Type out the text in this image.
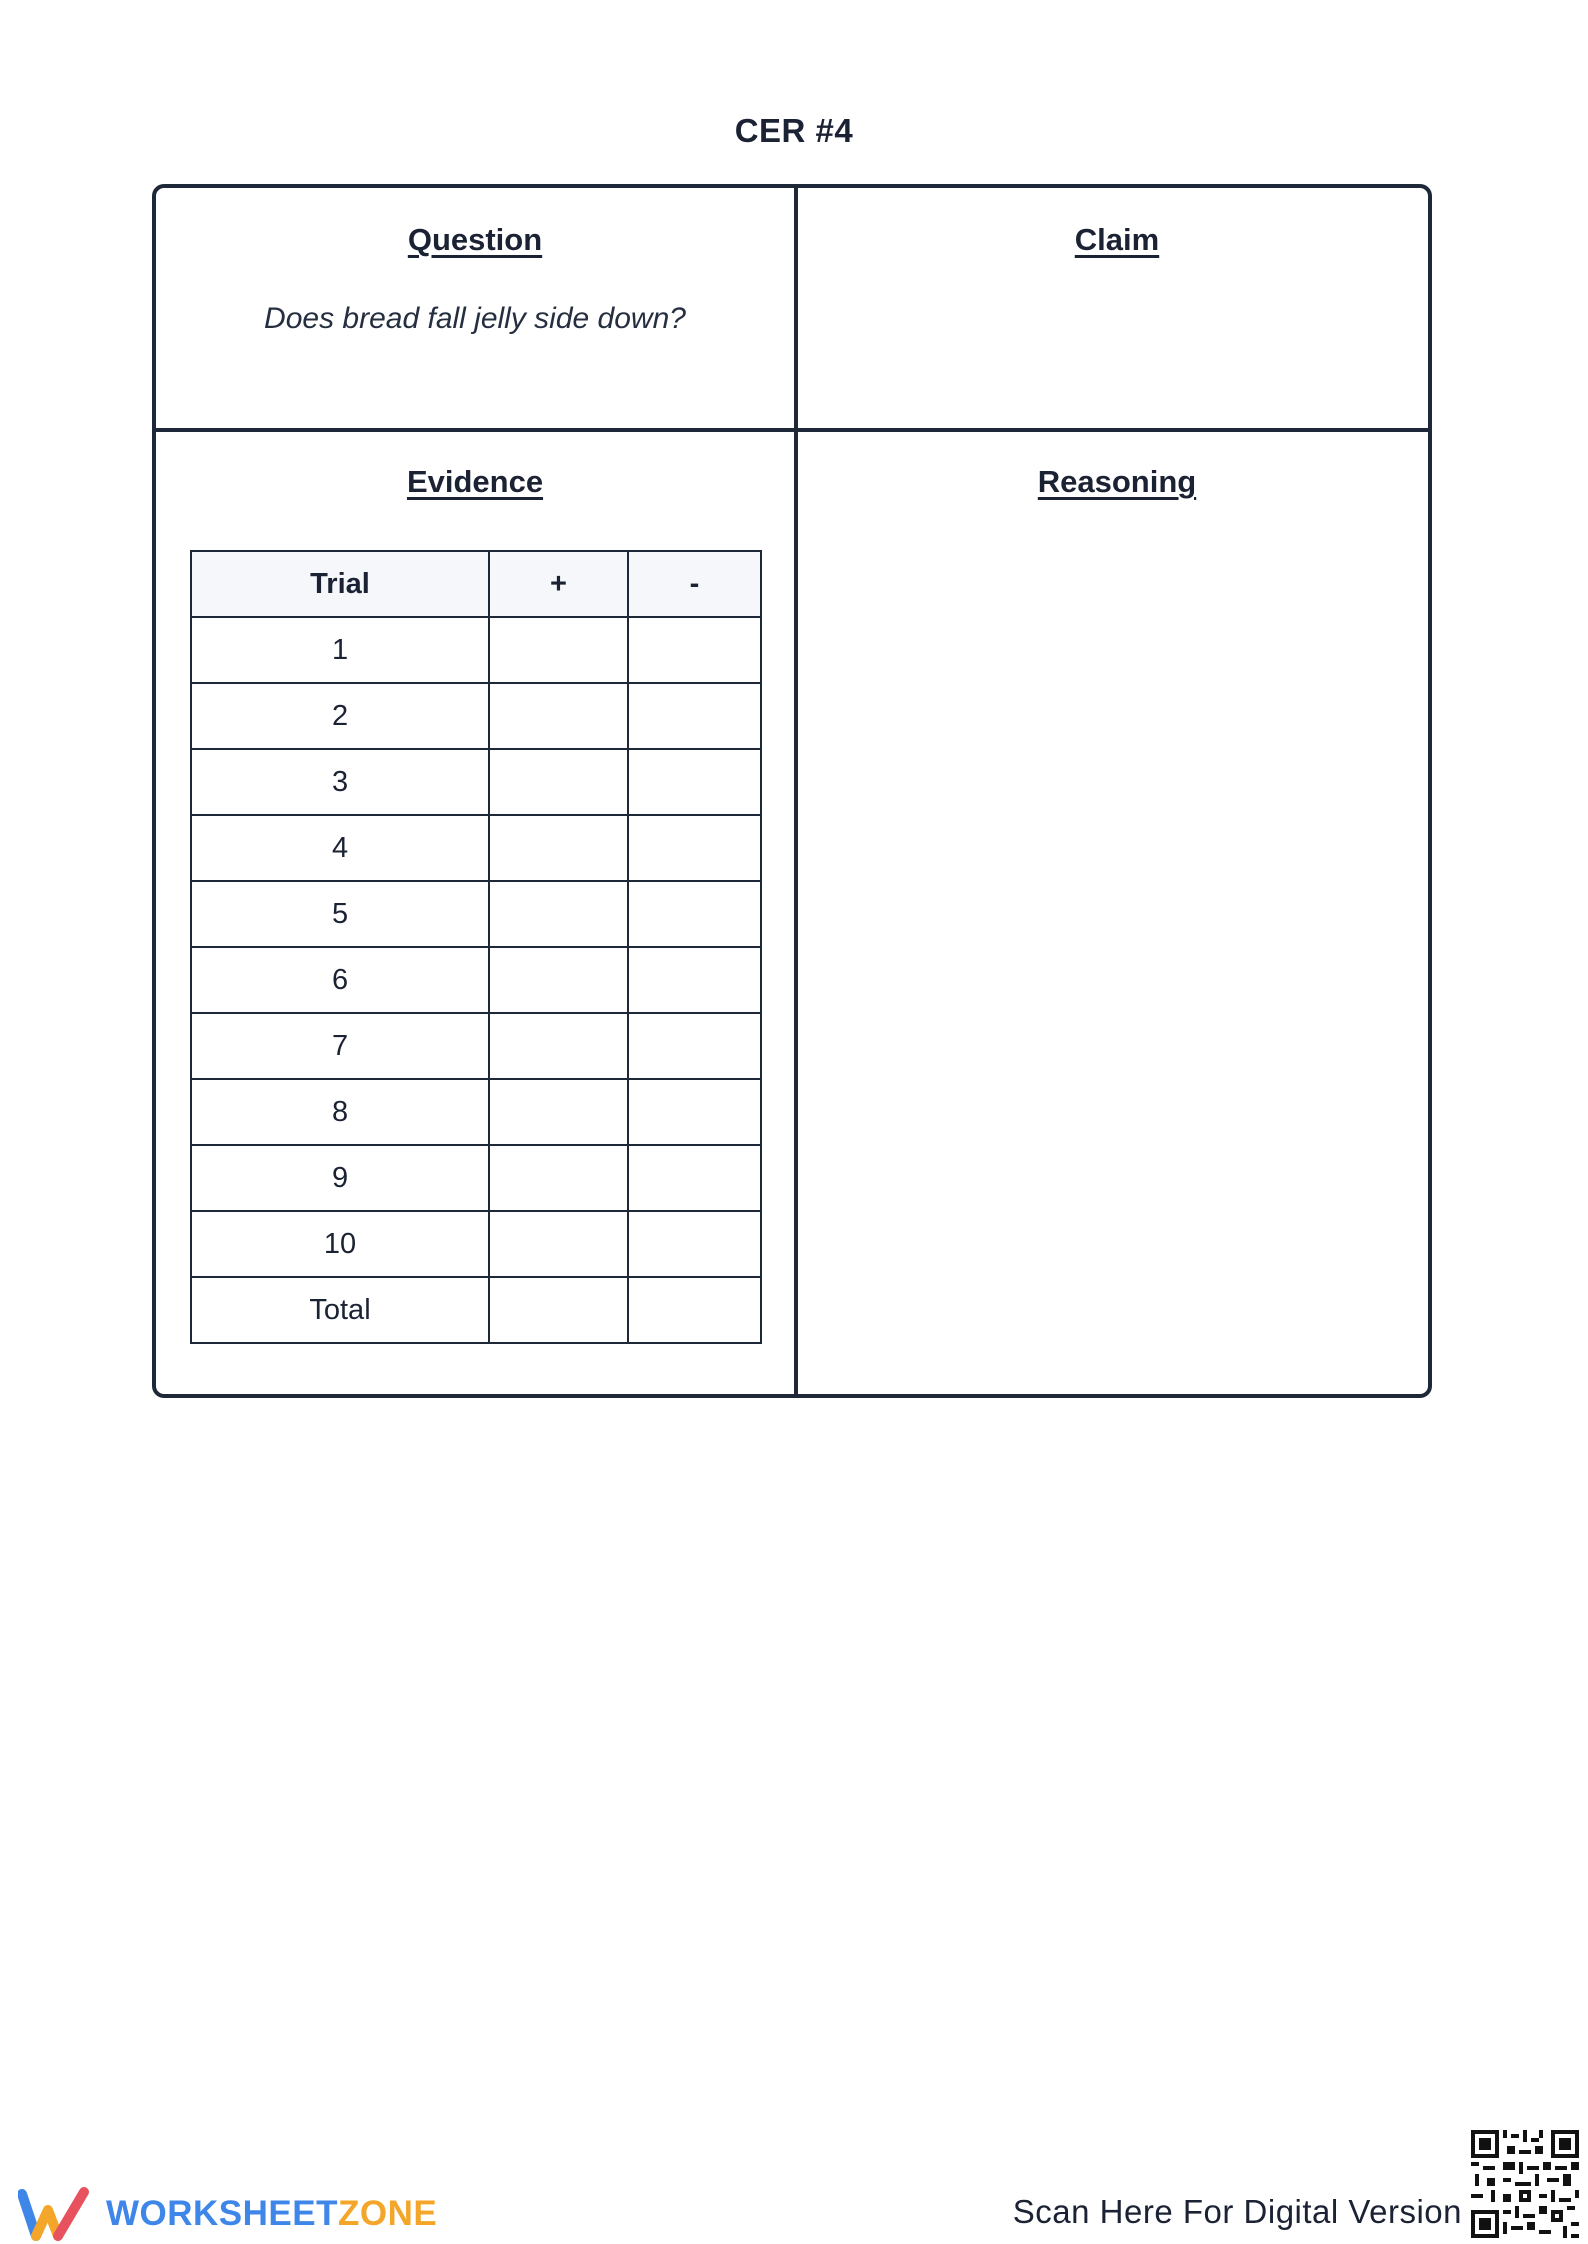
CER #4
Question
Does bread fall jelly side down?
Claim
Evidence	Reasoning
Trial	+	-
1		
2		
3		
4		
5		
6		
7		
8		
9		
10		
Total		
WORKSHEETZONE	Scan Here For Digital Version
